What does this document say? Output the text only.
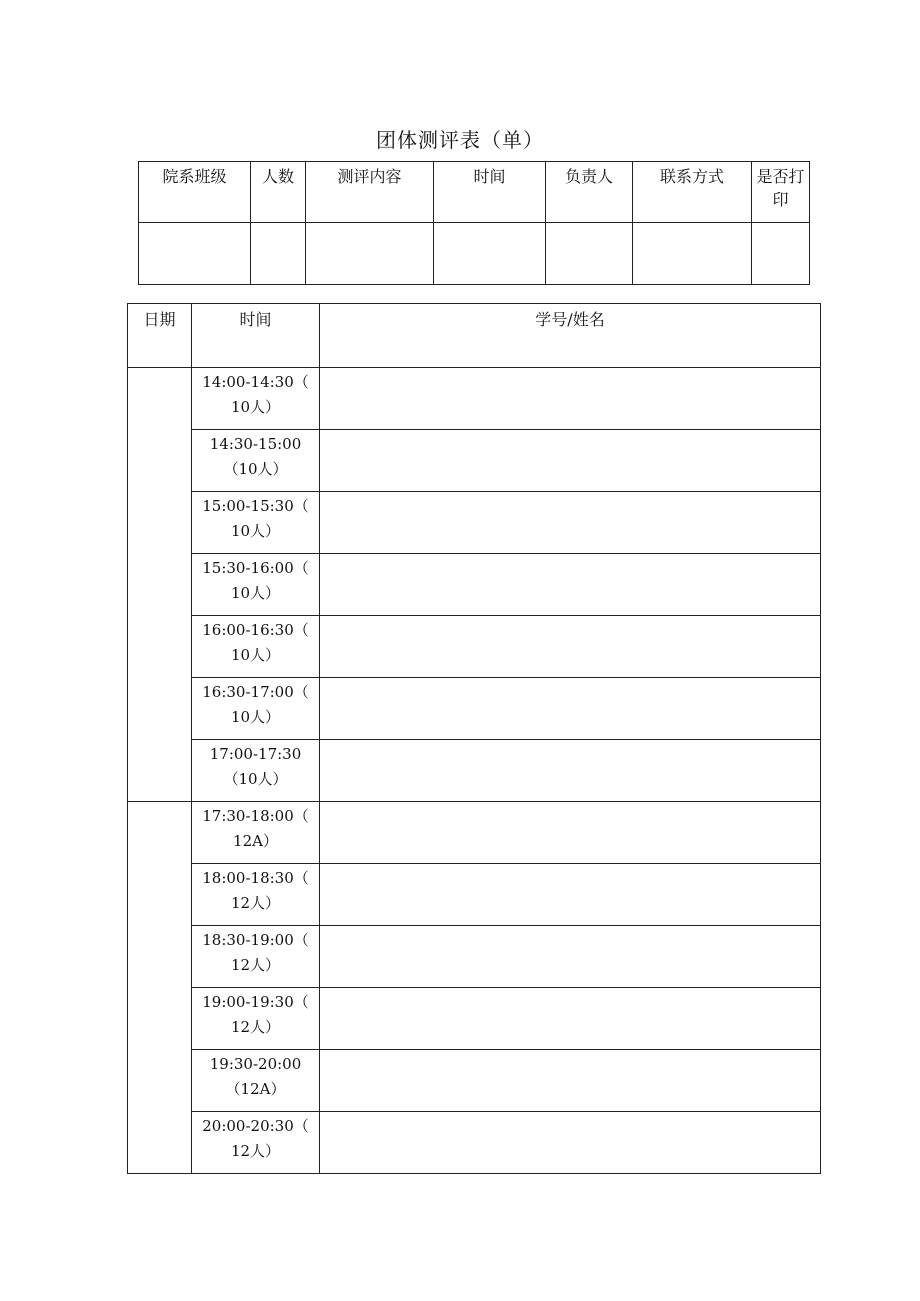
团体测评表（单）
院系班级	人数	测评内容	时间	负责人	联系方式	是否打印

日期	时间	学号/姓名
	14:00-14:30（
10人）	
	14:30-15:00
（10人）	
	15:00-15:30（
10人）	
	15:30-16:00（
10人）	
	16:00-16:30（
10人）	
	16:30-17:00（
10人）	
	17:00-17:30
（10人）	
	17:30-18:00（
12A）	
	18:00-18:30（
12人）	
	18:30-19:00（
12人）	
	19:00-19:30（
12人）	
	19:30-20:00
（12A）	
	20:00-20:30（
12人）	
